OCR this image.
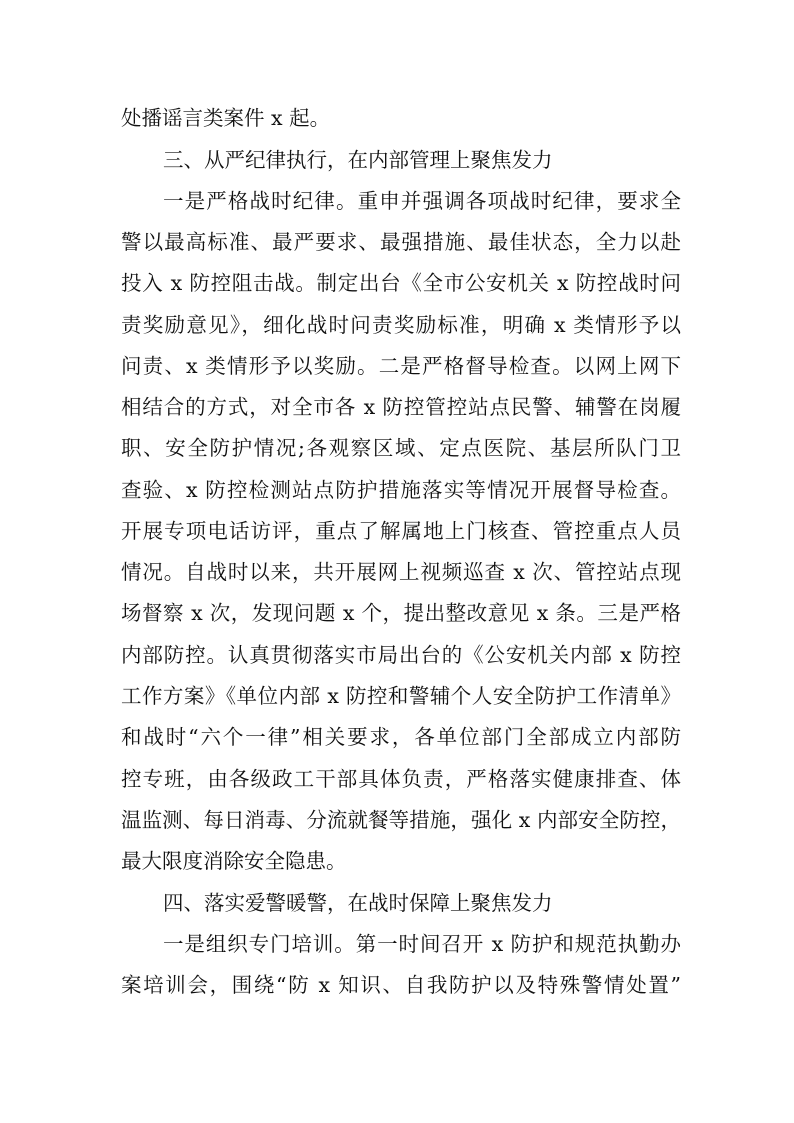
处播谣言类案件 x 起。
三、从严纪律执行，在内部管理上聚焦发力
一是严格战时纪律。重申并强调各项战时纪律，要求全
警以最高标准、最严要求、最强措施、最佳状态，全力以赴
投入 x 防控阻击战。制定出台《全市公安机关 x 防控战时问
责奖励意见》，细化战时问责奖励标准，明确 x 类情形予以
问责、x 类情形予以奖励。二是严格督导检查。以网上网下
相结合的方式，对全市各 x 防控管控站点民警、辅警在岗履
职、安全防护情况;各观察区域、定点医院、基层所队门卫
查验、x 防控检测站点防护措施落实等情况开展督导检查。
开展专项电话访评，重点了解属地上门核查、管控重点人员
情况。自战时以来，共开展网上视频巡查 x 次、管控站点现
场督察 x 次，发现问题 x 个，提出整改意见 x 条。三是严格
内部防控。认真贯彻落实市局出台的《公安机关内部 x 防控
工作方案》《单位内部 x 防控和警辅个人安全防护工作清单》
和战时“六个一律”相关要求，各单位部门全部成立内部防
控专班，由各级政工干部具体负责，严格落实健康排查、体
温监测、每日消毒、分流就餐等措施，强化 x 内部安全防控，
最大限度消除安全隐患。
四、落实爱警暖警，在战时保障上聚焦发力
一是组织专门培训。第一时间召开 x 防护和规范执勤办
案培训会，围绕“防 x 知识、自我防护以及特殊警情处置”
